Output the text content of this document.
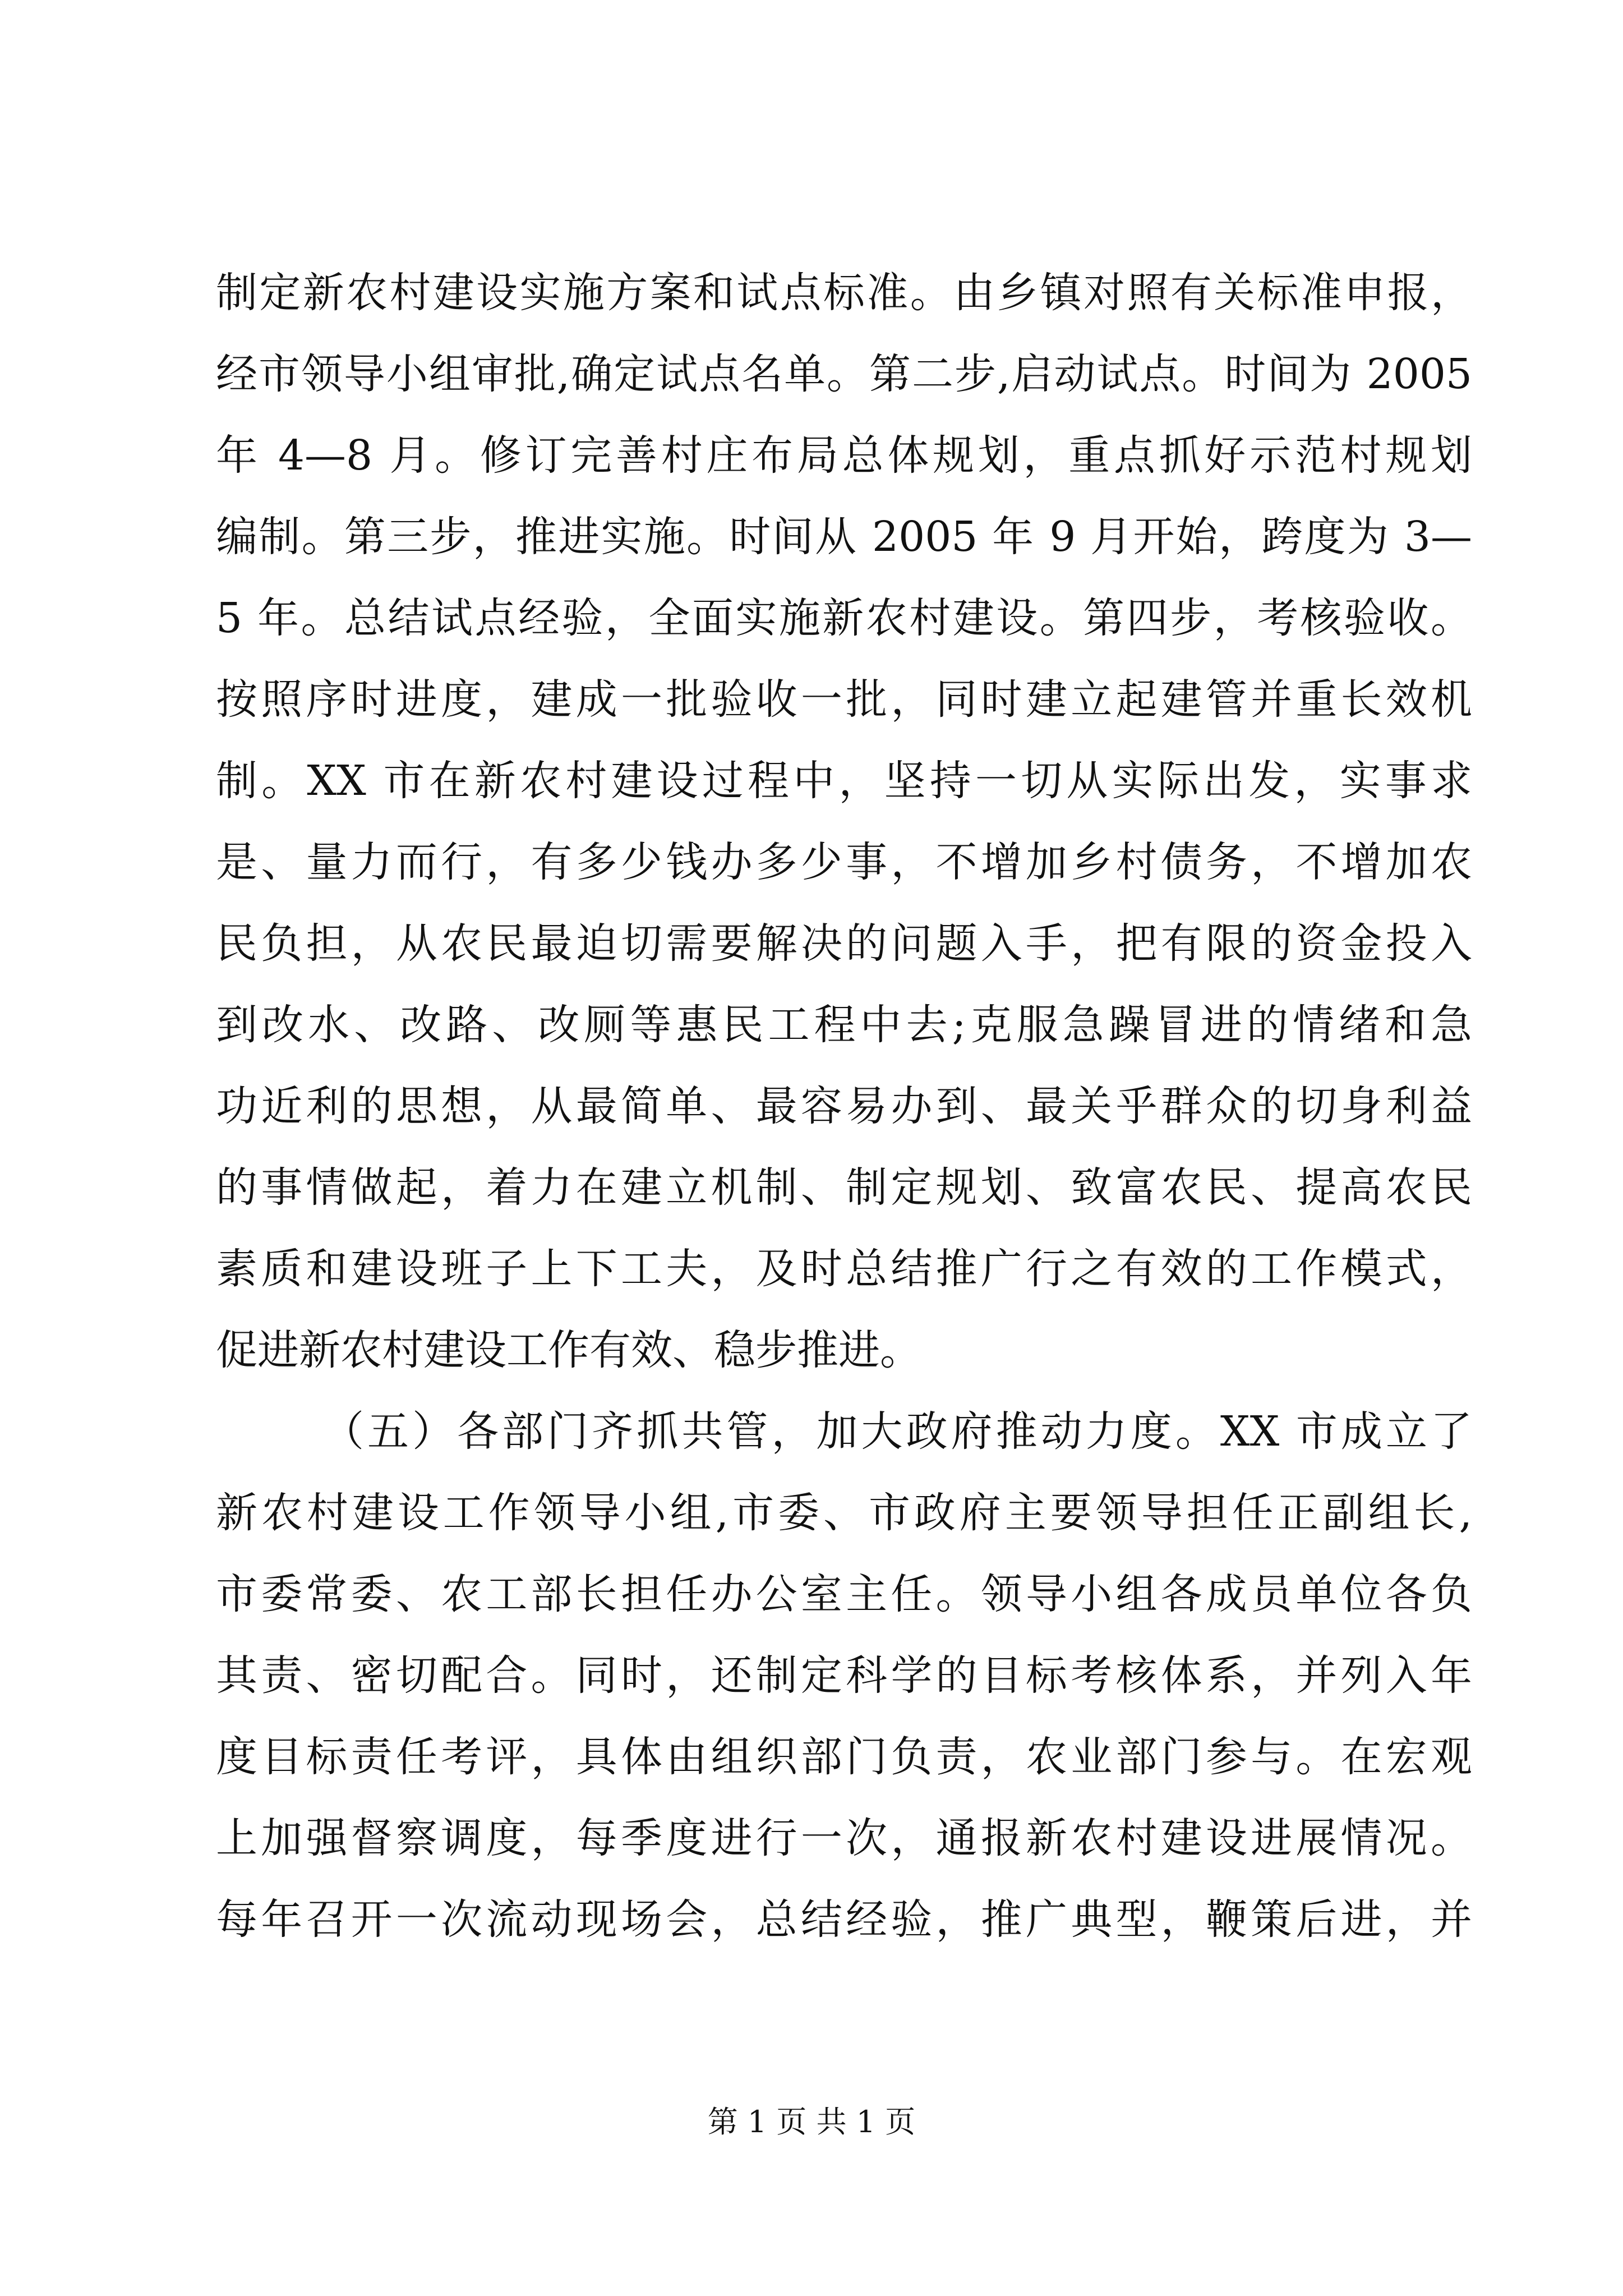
制定新农村建设实施方案和试点标准。由乡镇对照有关标准申报，
经市领导小组审批,确定试点名单。第二步,启动试点。时间为 2005
年 4—8 月。修订完善村庄布局总体规划，重点抓好示范村规划
编制。第三步，推进实施。时间从 2005 年 9 月开始，跨度为 3—
5 年。总结试点经验，全面实施新农村建设。第四步，考核验收。
按照序时进度，建成一批验收一批，同时建立起建管并重长效机
制。XX 市在新农村建设过程中，坚持一切从实际出发，实事求
是、量力而行，有多少钱办多少事，不增加乡村债务，不增加农
民负担，从农民最迫切需要解决的问题入手，把有限的资金投入
到改水、改路、改厕等惠民工程中去;克服急躁冒进的情绪和急
功近利的思想，从最简单、最容易办到、最关乎群众的切身利益
的事情做起，着力在建立机制、制定规划、致富农民、提高农民
素质和建设班子上下工夫，及时总结推广行之有效的工作模式，
促进新农村建设工作有效、稳步推进。
（五）各部门齐抓共管，加大政府推动力度。XX 市成立了
新农村建设工作领导小组,市委、市政府主要领导担任正副组长,
市委常委、农工部长担任办公室主任。领导小组各成员单位各负
其责、密切配合。同时，还制定科学的目标考核体系，并列入年
度目标责任考评，具体由组织部门负责，农业部门参与。在宏观
上加强督察调度，每季度进行一次，通报新农村建设进展情况。
每年召开一次流动现场会，总结经验，推广典型，鞭策后进，并
第 1 页 共 1 页
